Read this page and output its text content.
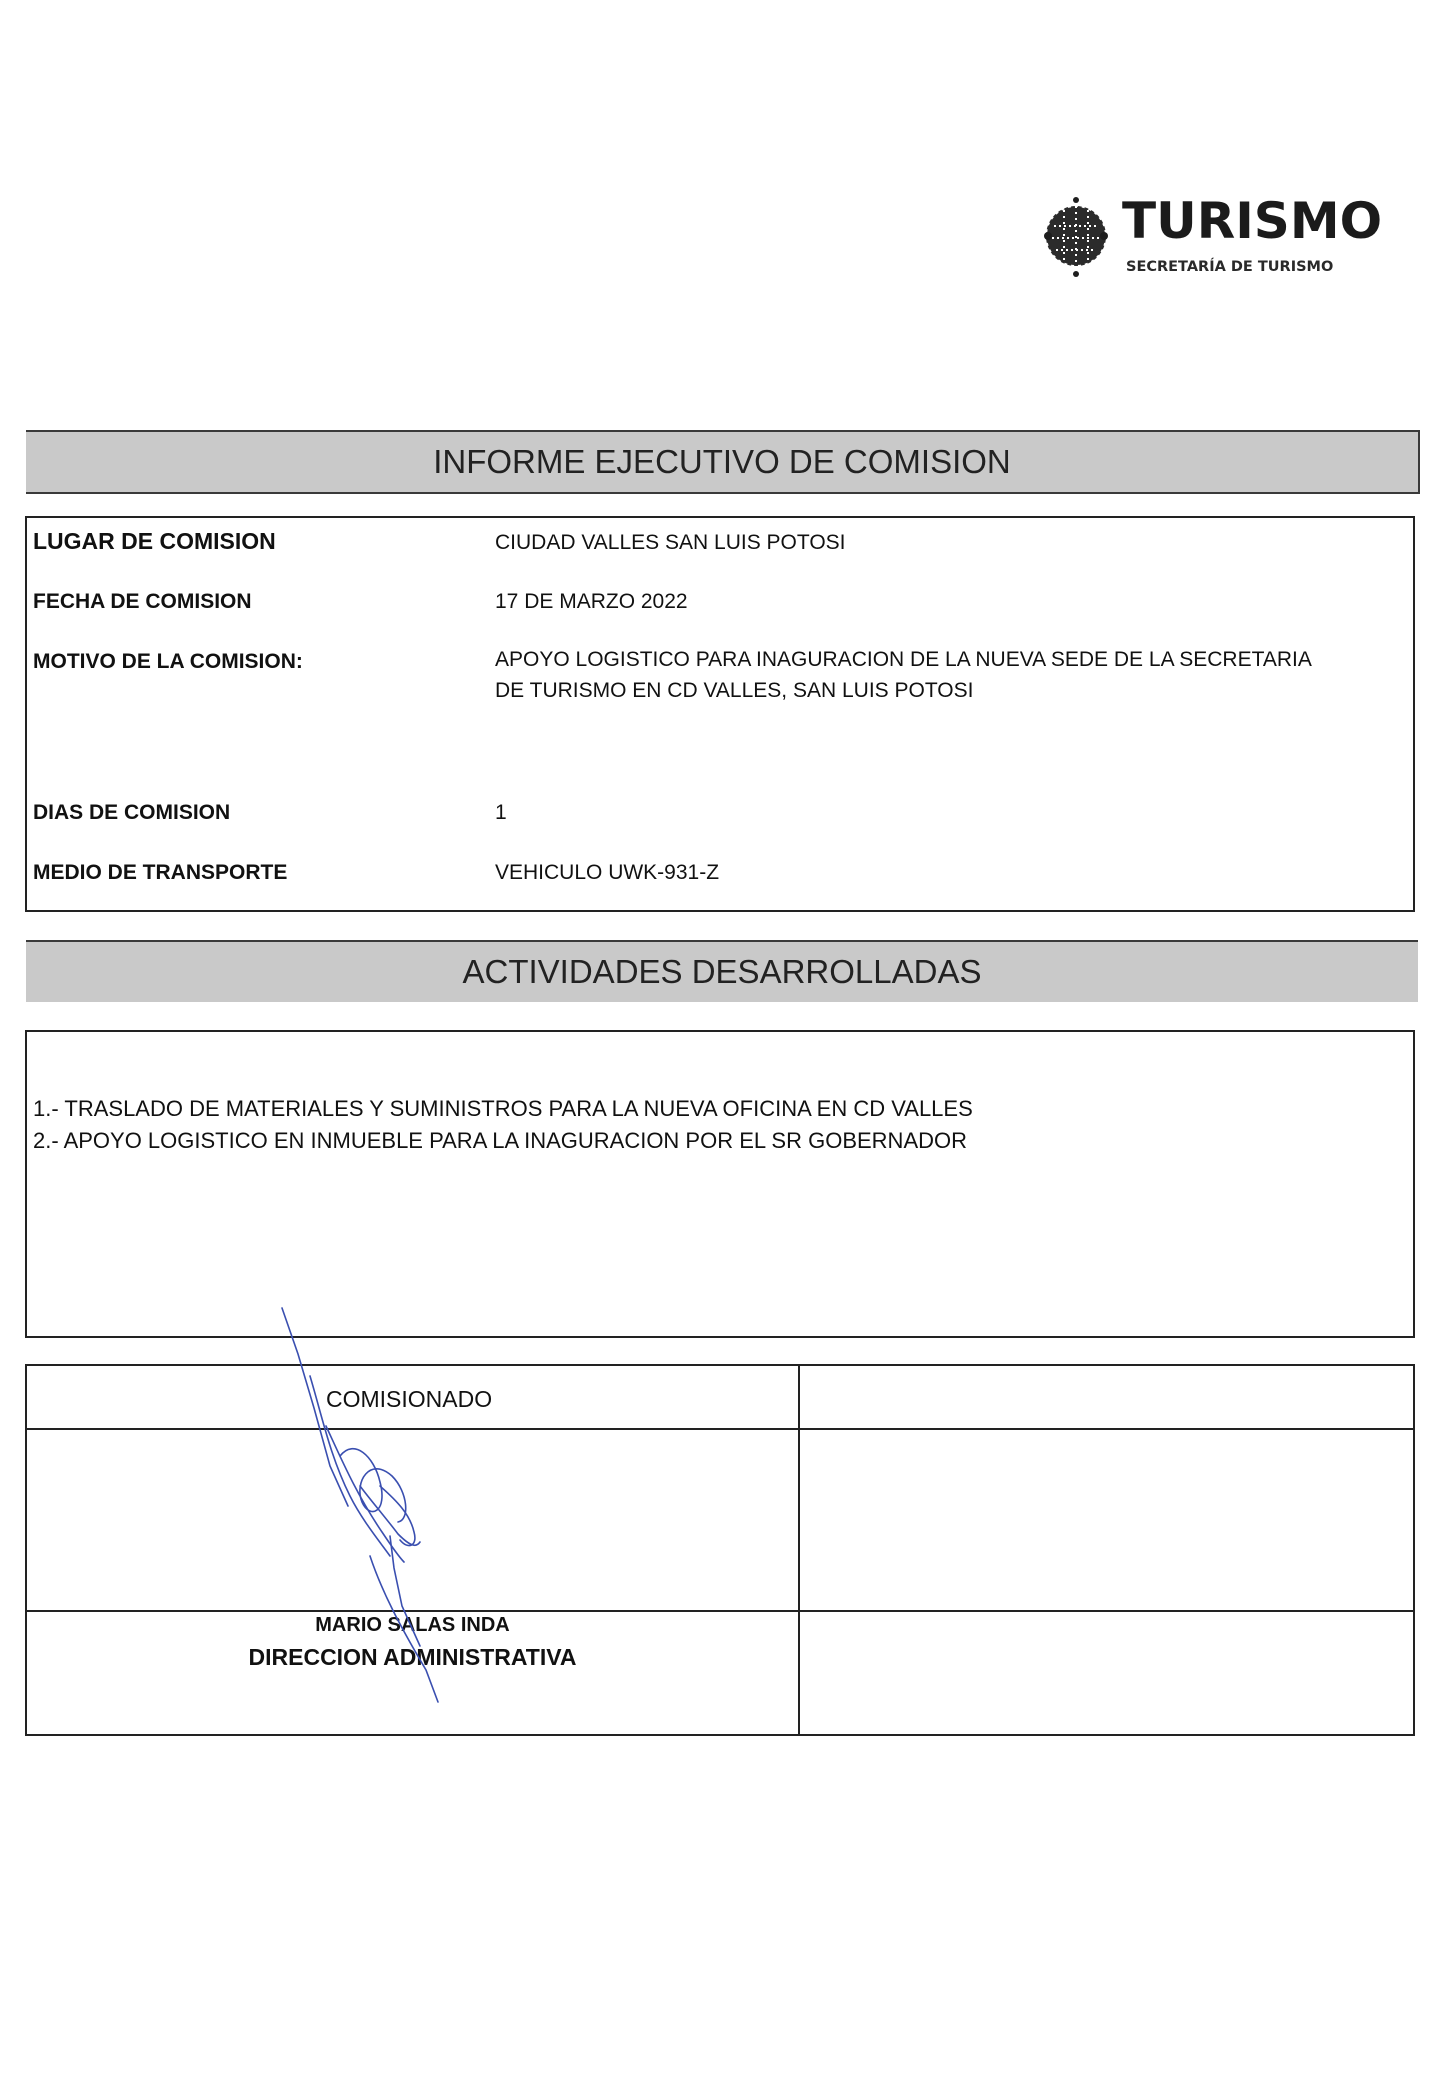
TURISMO
SECRETARÍA DE TURISMO
INFORME EJECUTIVO DE COMISION
LUGAR DE COMISION	CIUDAD VALLES SAN LUIS POTOSI
FECHA DE COMISION	17 DE MARZO 2022
MOTIVO DE LA COMISION:	APOYO LOGISTICO PARA INAGURACION DE LA NUEVA SEDE DE LA SECRETARIA
DE TURISMO EN CD VALLES, SAN LUIS POTOSI
DIAS DE COMISION	1
MEDIO DE TRANSPORTE	VEHICULO UWK-931-Z
ACTIVIDADES DESARROLLADAS
1.- TRASLADO DE MATERIALES Y SUMINISTROS PARA LA NUEVA OFICINA EN CD VALLES
2.- APOYO LOGISTICO EN INMUEBLE PARA LA INAGURACION POR EL SR GOBERNADOR
COMISIONADO
MARIO SALAS INDA
DIRECCION ADMINISTRATIVA
